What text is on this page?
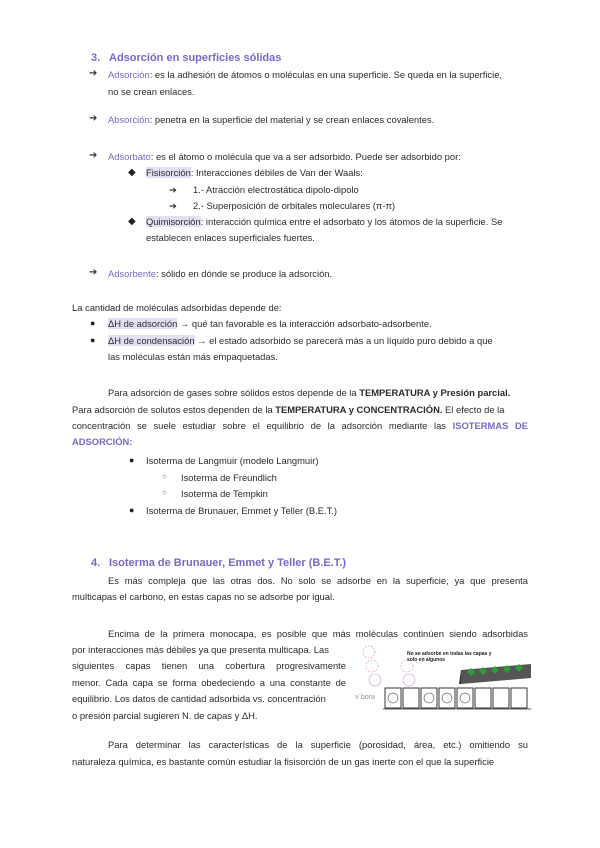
3. Adsorción en superficies sólidas
➔ Adsorción: es la adhesión de átomos o moléculas en una superficie. Se queda en la superficie,
no se crean enlaces.
➔ Absorción: penetra en la superficie del material y se crean enlaces covalentes.
➔ Adsorbato: es el átomo o molécula que va a ser adsorbido. Puede ser adsorbido por:
◆ Fisisorción: Interacciones débiles de Van der Waals:
➔ 1.- Atracción electrostática dipolo-dipolo
➔ 2.- Superposición de orbitales moleculares (π-π)
◆ Quimisorción: interacción química entre el adsorbato y los átomos de la superficie. Se
establecen enlaces superficiales fuertes.
➔ Adsorbente: sólido en dónde se produce la adsorción.
La cantidad de moléculas adsorbidas depende de:
● ΔH de adsorción → qué tan favorable es la interacción adsorbato-adsorbente.
● ΔH de condensación → el estado adsorbido se parecerá más a un líquido puro debido a que
las moléculas están más empaquetadas.
Para adsorción de gases sobre sólidos estos depende de la TEMPERATURA y Presión parcial.
Para adsorción de solutos estos dependen de la TEMPERATURA y CONCENTRACIÓN. El efecto de la
concentración se suele estudiar sobre el equilibrio de la adsorción mediante las ISOTERMAS DE
ADSORCIÓN:
● Isoterma de Langmuir (modelo Langmuir)
○ Isoterma de Freundlich
○ Isoterma de Tempkin
● Isoterma de Brunauer, Emmet y Teller (B.E.T.)
4. Isoterma de Brunauer, Emmet y Teller (B.E.T.)
Es más compleja que las otras dos. No solo se adsorbe en la superficie, ya que presenta
multicapas el carbono, en estas capas no se adsorbe por igual.
Encima de la primera monocapa, es posible que más moléculas continúen siendo adsorbidas
por interacciones más débiles ya que presenta multicapa. Las
siguientes capas tienen una cobertura progresivamente
menor. Cada capa se forma obedeciendo a una constante de
equilibrio. Los datos de cantidad adsorbida vs. concentración
o presión parcial sugieren N. de capas y ΔH.
No se adsorbe en todas las capas y
solo en algunos
v´bora
Para determinar las características de la superficie (porosidad, área, etc.) omitiendo su
naturaleza química, es bastante común estudiar la fisisorción de un gas inerte con el que la superficie
